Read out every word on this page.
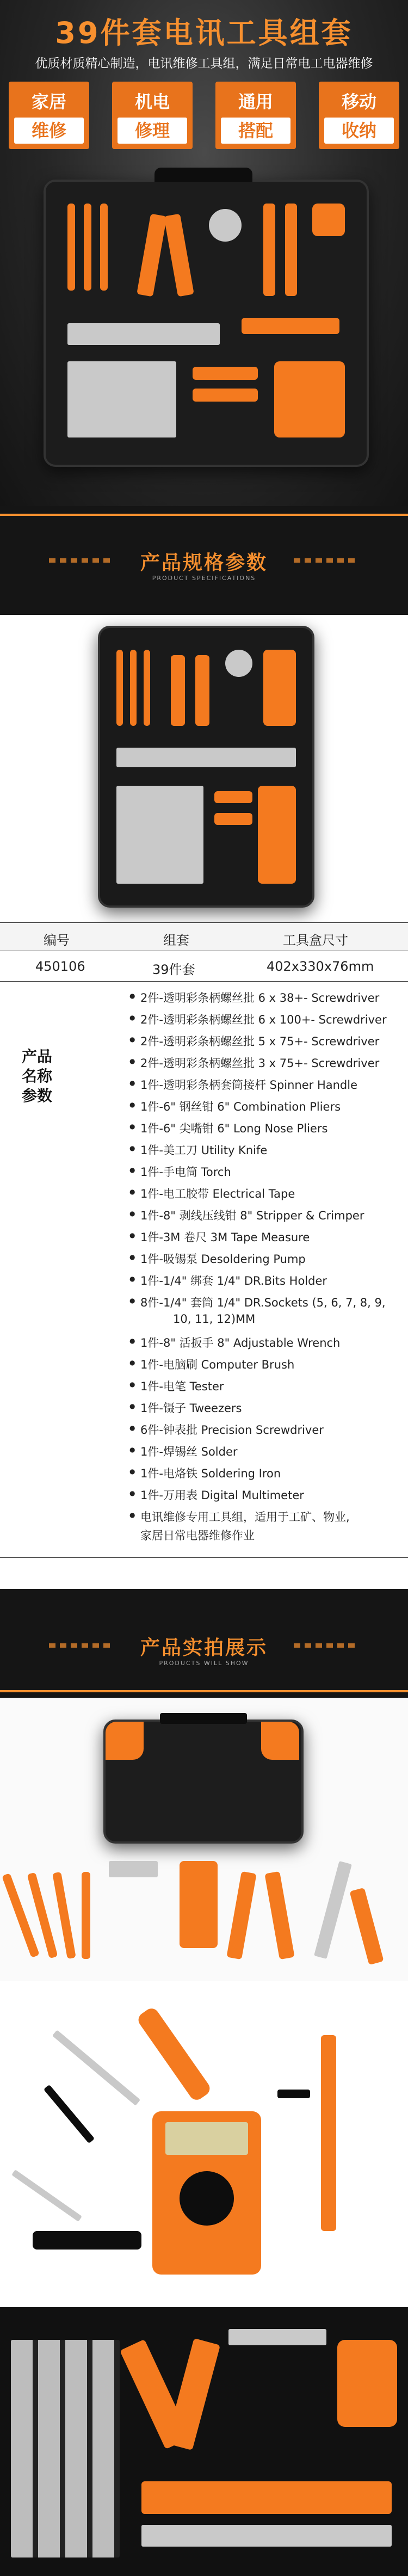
39件套电讯工具组套
优质材质精心制造，电讯维修工具组，满足日常电工电器维修
家居
维修
机电
修理
通用
搭配
移动
收纳
产品规格参数
PRODUCT SPECIFICATIONS
编号	组套	工具盒尺寸
450106	39件套	402x330x76mm
产品
名称
参数
● 2件-透明彩条柄螺丝批 6 x 38+- Screwdriver
● 2件-透明彩条柄螺丝批 6 x 100+- Screwdriver
● 2件-透明彩条柄螺丝批 5 x 75+- Screwdriver
● 2件-透明彩条柄螺丝批 3 x 75+- Screwdriver
● 1件-透明彩条柄套筒接杆 Spinner Handle
● 1件-6" 钢丝钳 6" Combination Pliers
● 1件-6" 尖嘴钳 6" Long Nose Pliers
● 1件-美工刀 Utility Knife
● 1件-手电筒 Torch
● 1件-电工胶带 Electrical Tape
● 1件-8" 剥线压线钳 8" Stripper & Crimper
● 1件-3M 卷尺 3M Tape Measure
● 1件-吸锡泵 Desoldering Pump
● 1件-1/4" 绑套 1/4" DR.Bits Holder
● 8件-1/4" 套筒 1/4" DR.Sockets (5, 6, 7, 8, 9,
10, 11, 12)MM
● 1件-8" 活扳手 8" Adjustable Wrench
● 1件-电脑刷 Computer Brush
● 1件-电笔 Tester
● 1件-镊子 Tweezers
● 6件-钟表批 Precision Screwdriver
● 1件-焊锡丝 Solder
● 1件-电烙铁 Soldering Iron
● 1件-万用表 Digital Multimeter
● 电讯维修专用工具组，适用于工矿、物业,
家居日常电器维修作业
产品实拍展示
PRODUCTS WILL SHOW
